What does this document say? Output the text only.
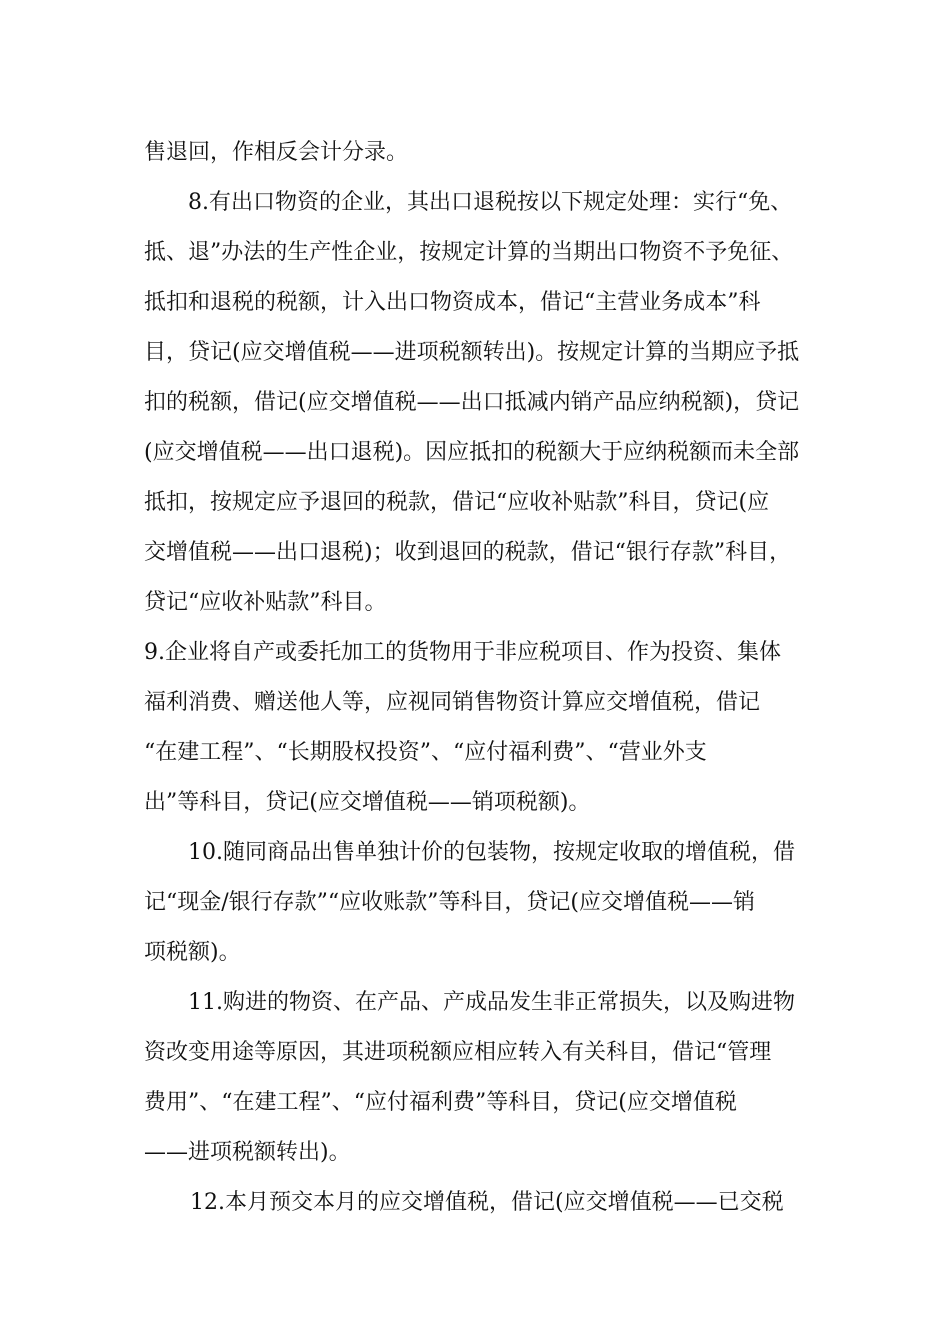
售退回，作相反会计分录。

8.有出口物资的企业，其出口退税按以下规定处理：实行“免、

抵、退”办法的生产性企业，按规定计算的当期出口物资不予免征、

抵扣和退税的税额，计入出口物资成本，借记“主营业务成本”科

目，贷记(应交增值税——进项税额转出)。按规定计算的当期应予抵

扣的税额，借记(应交增值税——出口抵减内销产品应纳税额)，贷记

(应交增值税——出口退税)。因应抵扣的税额大于应纳税额而未全部

抵扣，按规定应予退回的税款，借记“应收补贴款”科目，贷记(应

交增值税——出口退税)；收到退回的税款，借记“银行存款”科目，

贷记“应收补贴款”科目。

9.企业将自产或委托加工的货物用于非应税项目、作为投资、集体

福利消费、赠送他人等，应视同销售物资计算应交增值税，借记

“在建工程”、“长期股权投资”、“应付福利费”、“营业外支

出”等科目，贷记(应交增值税——销项税额)。

10.随同商品出售单独计价的包装物，按规定收取的增值税，借

记“现金/银行存款”“应收账款”等科目，贷记(应交增值税——销

项税额)。

11.购进的物资、在产品、产成品发生非正常损失，以及购进物

资改变用途等原因，其进项税额应相应转入有关科目，借记“管理

费用”、“在建工程”、“应付福利费”等科目，贷记(应交增值税

——进项税额转出)。

12.本月预交本月的应交增值税，借记(应交增值税——已交税
